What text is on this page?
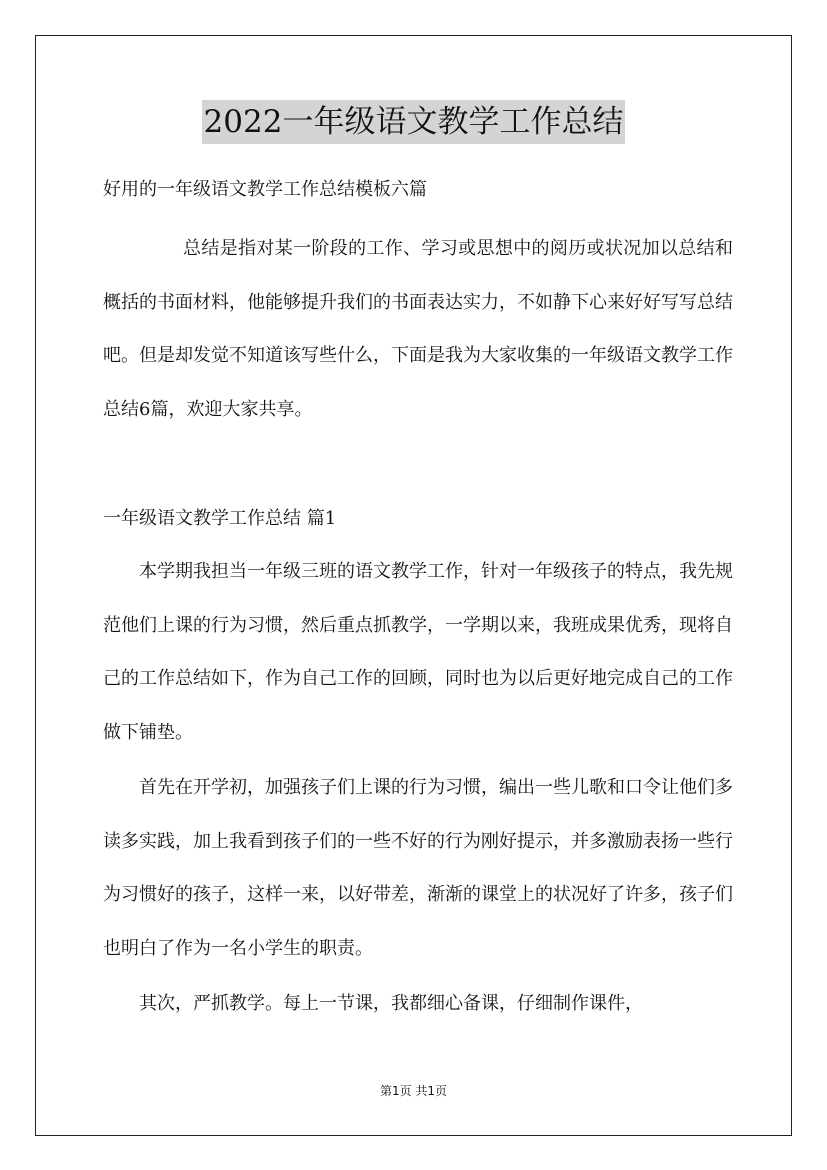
2022一年级语文教学工作总结

好用的一年级语文教学工作总结模板六篇

总结是指对某一阶段的工作、学习或思想中的阅历或状况加以总结和概括的书面材料，他能够提升我们的书面表达实力，不如静下心来好好写写总结吧。但是却发觉不知道该写些什么，下面是我为大家收集的一年级语文教学工作总结6篇，欢迎大家共享。

一年级语文教学工作总结 篇1

本学期我担当一年级三班的语文教学工作，针对一年级孩子的特点，我先规范他们上课的行为习惯，然后重点抓教学，一学期以来，我班成果优秀，现将自己的工作总结如下，作为自己工作的回顾，同时也为以后更好地完成自己的工作做下铺垫。

首先在开学初，加强孩子们上课的行为习惯，编出一些儿歌和口令让他们多读多实践，加上我看到孩子们的一些不好的行为刚好提示，并多激励表扬一些行为习惯好的孩子，这样一来，以好带差，渐渐的课堂上的状况好了许多，孩子们也明白了作为一名小学生的职责。

其次，严抓教学。每上一节课，我都细心备课，仔细制作课件，

第1页 共1页
